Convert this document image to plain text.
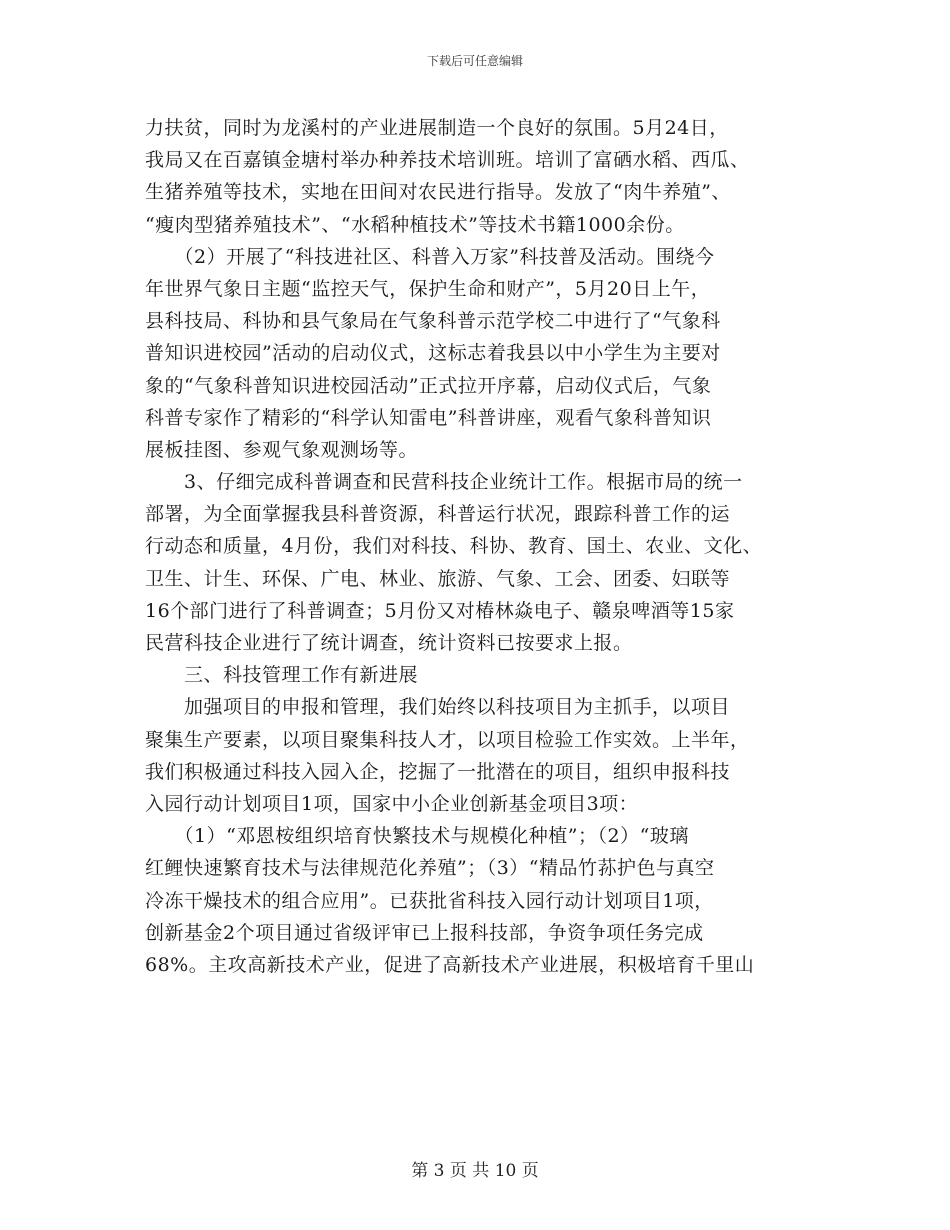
下载后可任意编辑
力扶贫，同时为龙溪村的产业进展制造一个良好的氛围。5月24日，
我局又在百嘉镇金塘村举办种养技术培训班。培训了富硒水稻、西瓜、
生猪养殖等技术，实地在田间对农民进行指导。发放了“肉牛养殖”、
“瘦肉型猪养殖技术”、“水稻种植技术”等技术书籍1000余份。
　　（2）开展了“科技进社区、科普入万家”科技普及活动。围绕今
年世界气象日主题“监控天气，保护生命和财产”，5月20日上午，
县科技局、科协和县气象局在气象科普示范学校二中进行了“气象科
普知识进校园”活动的启动仪式，这标志着我县以中小学生为主要对
象的“气象科普知识进校园活动”正式拉开序幕，启动仪式后，气象
科普专家作了精彩的“科学认知雷电”科普讲座，观看气象科普知识
展板挂图、参观气象观测场等。
　　3、仔细完成科普调查和民营科技企业统计工作。根据市局的统一
部署，为全面掌握我县科普资源，科普运行状况，跟踪科普工作的运
行动态和质量，4月份，我们对科技、科协、教育、国土、农业、文化、
卫生、计生、环保、广电、林业、旅游、气象、工会、团委、妇联等
16个部门进行了科普调查；5月份又对椿林焱电子、赣泉啤酒等15家
民营科技企业进行了统计调查，统计资料已按要求上报。
　　三、科技管理工作有新进展
　　加强项目的申报和管理，我们始终以科技项目为主抓手，以项目
聚集生产要素，以项目聚集科技人才，以项目检验工作实效。上半年，
我们积极通过科技入园入企，挖掘了一批潜在的项目，组织申报科技
入园行动计划项目1项，国家中小企业创新基金项目3项：
　　（1）“邓恩桉组织培育快繁技术与规模化种植”；（2）“玻璃
红鲤快速繁育技术与法律规范化养殖”；（3）“精品竹荪护色与真空
冷冻干燥技术的组合应用”。已获批省科技入园行动计划项目1项，
创新基金2个项目通过省级评审已上报科技部，争资争项任务完成
68%。主攻高新技术产业，促进了高新技术产业进展，积极培育千里山
第 3 页 共 10 页
